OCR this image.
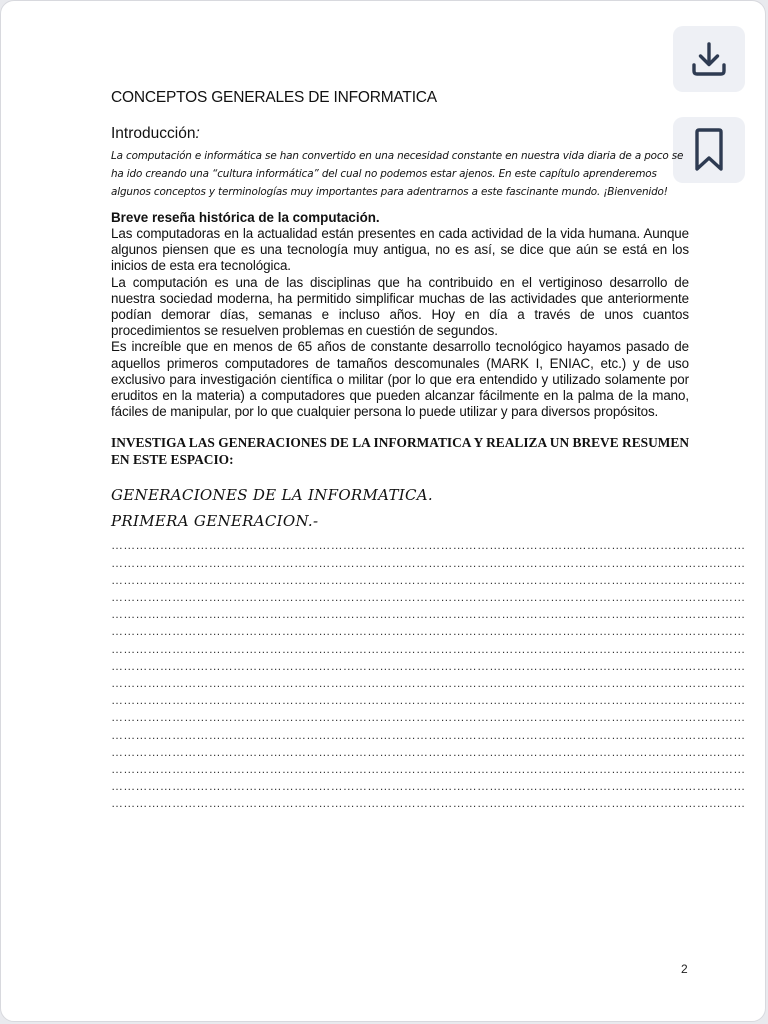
CONCEPTOS GENERALES DE INFORMATICA
Introducción:

La computación e informática se han convertido en una necesidad constante en nuestra vida diaria de a poco se ha ido creando una “cultura informática” del cual no podemos estar ajenos. En este capítulo aprenderemos algunos conceptos y terminologías muy importantes para adentrarnos a este fascinante mundo. ¡Bienvenido!

Breve reseña histórica de la computación.

Las computadoras en la actualidad están presentes en cada actividad de la vida humana. Aunque algunos piensen que es una tecnología muy antigua, no es así, se dice que aún se está en los inicios de esta era tecnológica.

La computación es una de las disciplinas que ha contribuido en el vertiginoso desarrollo de nuestra sociedad moderna, ha permitido simplificar muchas de las actividades que anteriormente podían demorar días, semanas e incluso años. Hoy en día a través de unos cuantos procedimientos se resuelven problemas en cuestión de segundos.

Es increíble que en menos de 65 años de constante desarrollo tecnológico hayamos pasado de aquellos primeros computadores de tamaños descomunales (MARK I, ENIAC, etc.) y de uso exclusivo para investigación científica o militar (por lo que era entendido y utilizado solamente por eruditos en la materia) a computadores que pueden alcanzar fácilmente en la palma de la mano, fáciles de manipular, por lo que cualquier persona lo puede utilizar y para diversos propósitos.

INVESTIGA LAS GENERACIONES DE LA INFORMATICA Y REALIZA UN BREVE RESUMEN EN ESTE ESPACIO:
GENERACIONES DE LA INFORMATICA.
PRIMERA GENERACION.-
…………………………………………………………………………………………………………………………………………
…………………………………………………………………………………………………………………………………………
…………………………………………………………………………………………………………………………………………
…………………………………………………………………………………………………………………………………………
…………………………………………………………………………………………………………………………………………
…………………………………………………………………………………………………………………………………………
…………………………………………………………………………………………………………………………………………
…………………………………………………………………………………………………………………………………………
…………………………………………………………………………………………………………………………………………
…………………………………………………………………………………………………………………………………………
…………………………………………………………………………………………………………………………………………
…………………………………………………………………………………………………………………………………………
…………………………………………………………………………………………………………………………………………
…………………………………………………………………………………………………………………………………………
…………………………………………………………………………………………………………………………………………
…………………………………………………………………………………………………………………………………………
2
